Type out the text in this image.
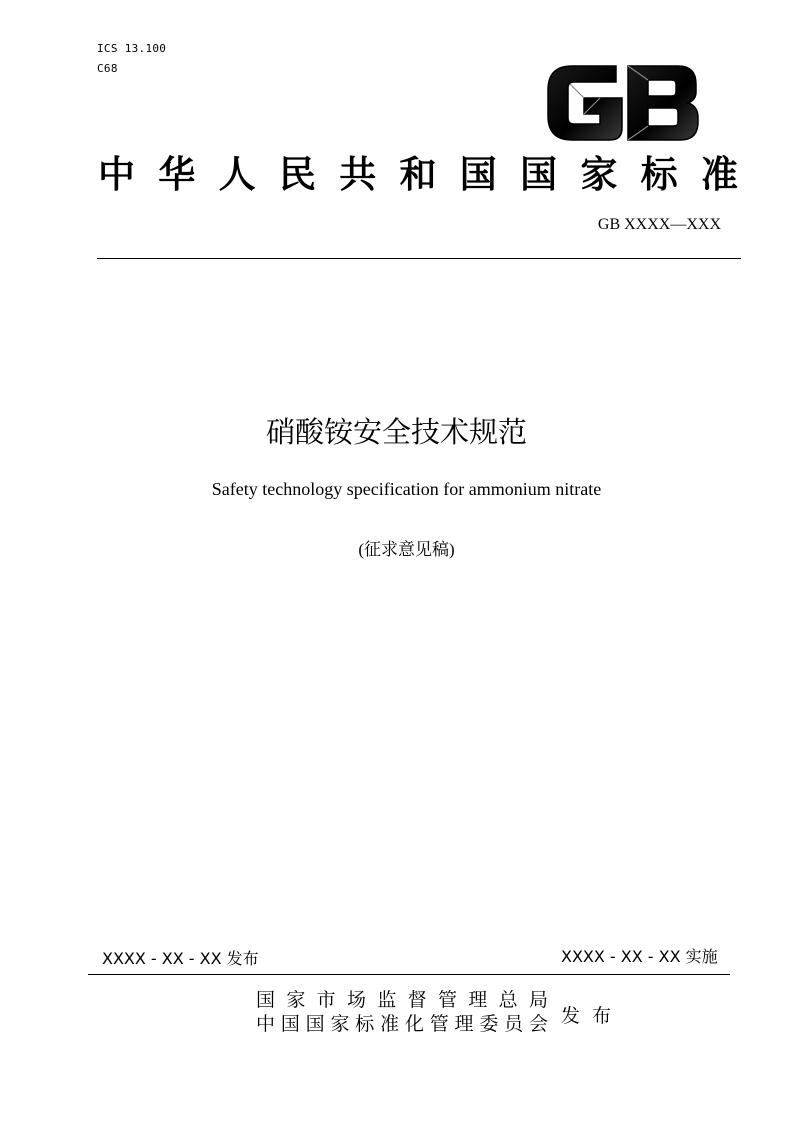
ICS 13.100
C68
中 华 人 民 共 和 国 国 家 标 准
GB XXXX—XXX
硝酸铵安全技术规范
Safety technology specification for ammonium nitrate
(征求意见稿)
XXXX - XX - XX 发布	XXXX - XX - XX 实施
国 家 市 场 监 督 管 理 总 局
中 国 国 家 标 准 化 管 理 委 员 会 发布
